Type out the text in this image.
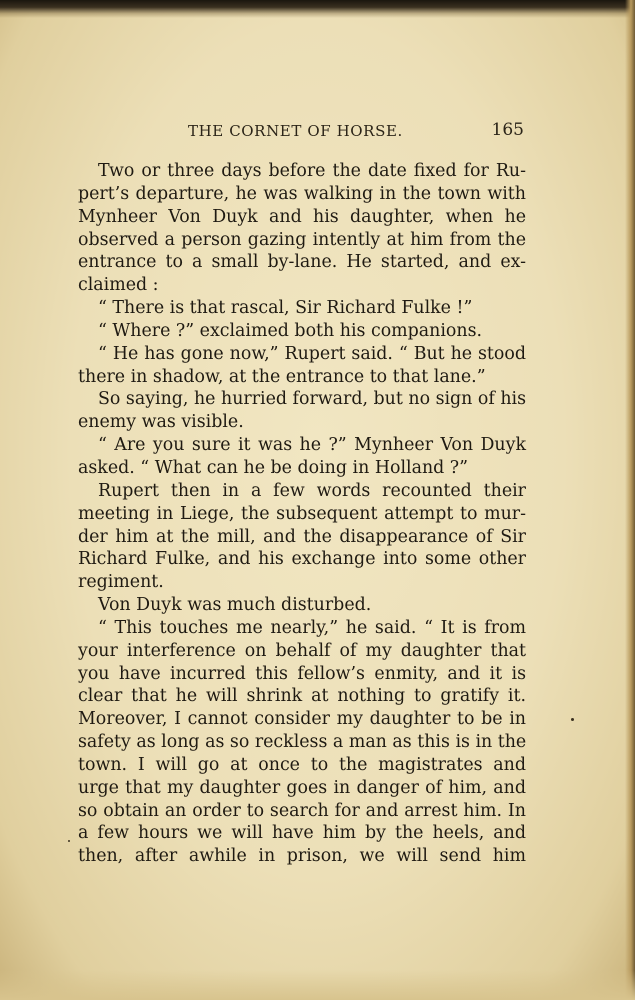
THE CORNET OF HORSE.	165
Two or three days before the date fixed for Ru-
pert’s departure, he was walking in the town with
Mynheer Von Duyk and his daughter, when he
observed a person gazing intently at him from the
entrance to a small by-lane. He started, and ex-
claimed :
“ There is that rascal, Sir Richard Fulke !”
“ Where ?” exclaimed both his companions.
“ He has gone now,” Rupert said. “ But he stood
there in shadow, at the entrance to that lane.”
So saying, he hurried forward, but no sign of his
enemy was visible.
“ Are you sure it was he ?” Mynheer Von Duyk
asked. “ What can he be doing in Holland ?”
Rupert then in a few words recounted their
meeting in Liege, the subsequent attempt to mur-
der him at the mill, and the disappearance of Sir
Richard Fulke, and his exchange into some other
regiment.
Von Duyk was much disturbed.
“ This touches me nearly,” he said. “ It is from
your interference on behalf of my daughter that
you have incurred this fellow’s enmity, and it is
clear that he will shrink at nothing to gratify it.
Moreover, I cannot consider my daughter to be in
safety as long as so reckless a man as this is in the
town. I will go at once to the magistrates and
urge that my daughter goes in danger of him, and
so obtain an order to search for and arrest him. In
a few hours we will have him by the heels, and
then, after awhile in prison, we will send him
